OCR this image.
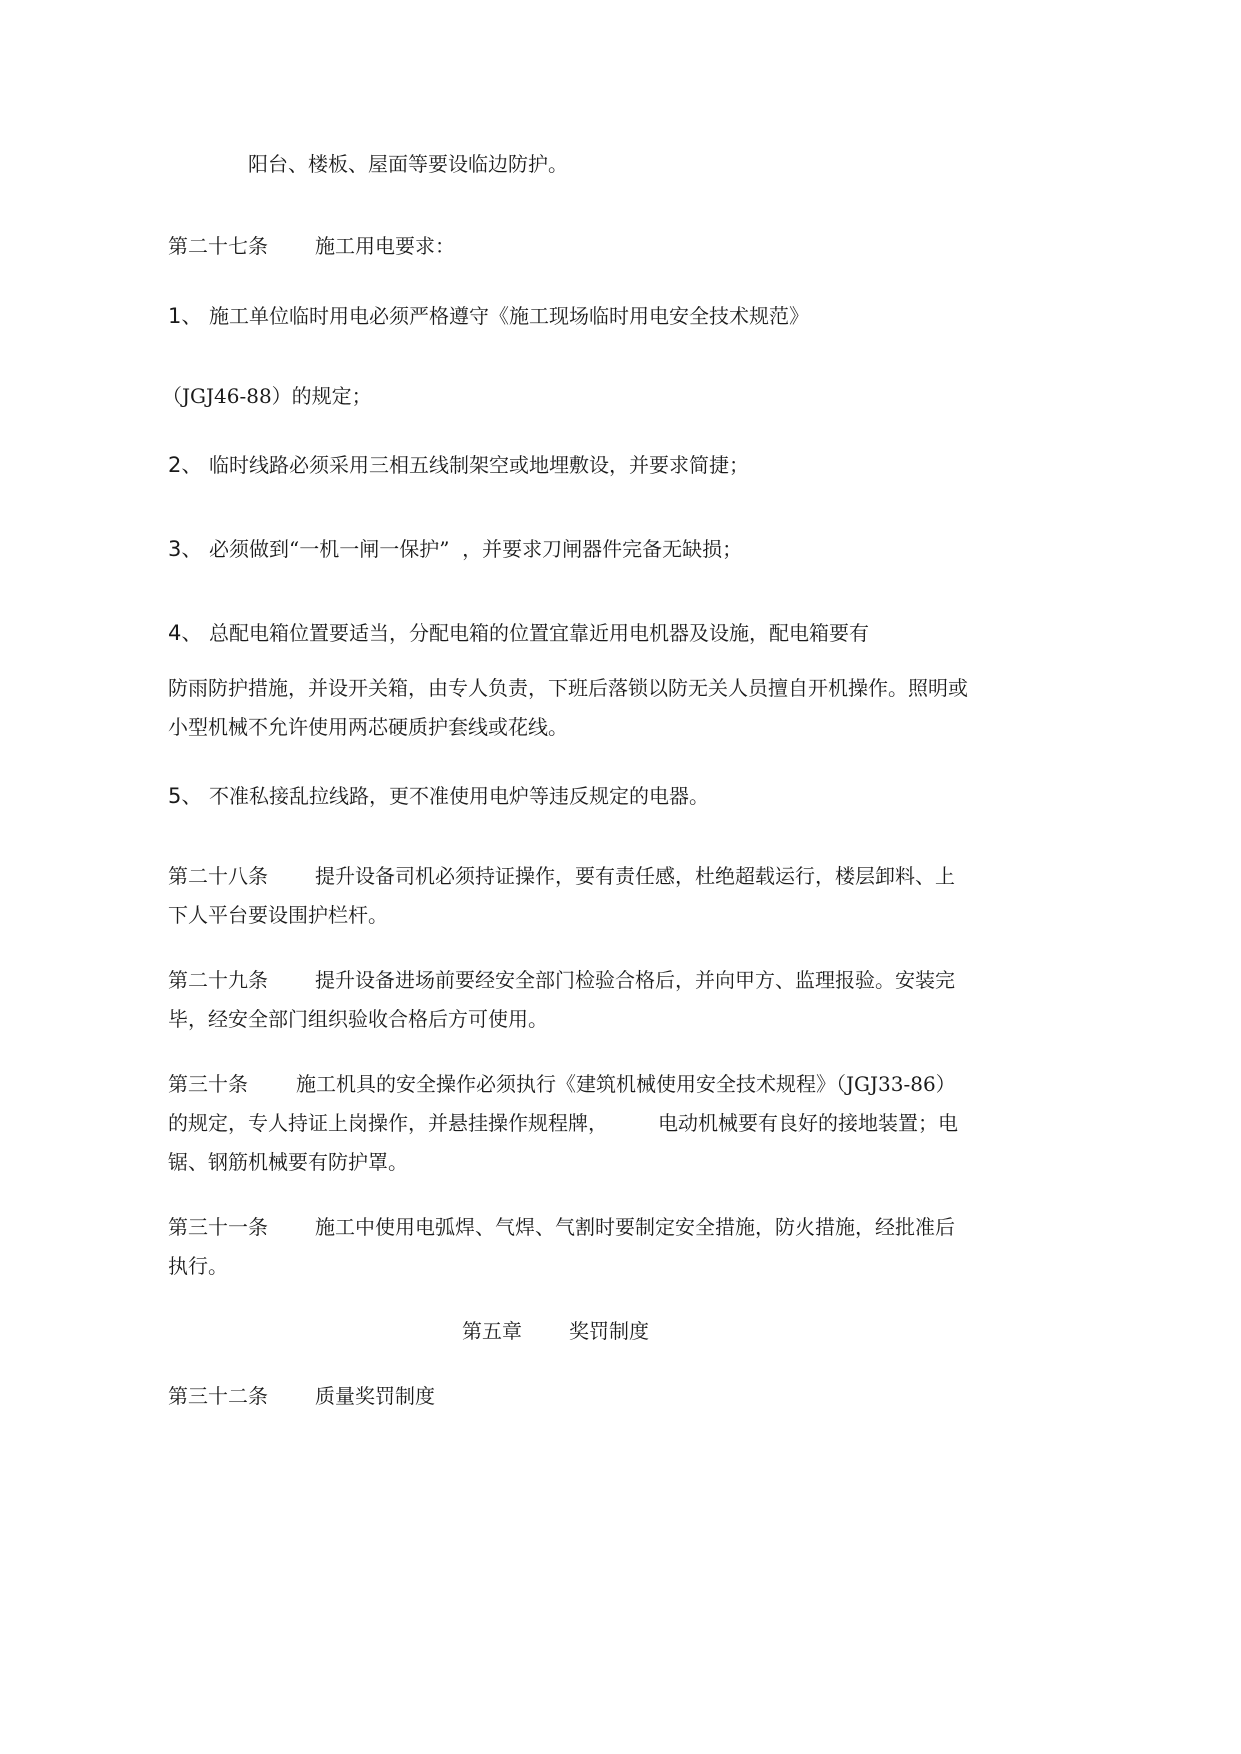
阳台、楼板、屋面等要设临边防护。
第二十七条 施工用电要求：
1、 施工单位临时用电必须严格遵守《施工现场临时用电安全技术规范》
（JGJ46-88）的规定；
2、 临时线路必须采用三相五线制架空或地埋敷设，并要求简捷；
3、 必须做到“一机一闸一保护”  ，并要求刀闸器件完备无缺损；
4、 总配电箱位置要适当，分配电箱的位置宜靠近用电机器及设施，配电箱要有
防雨防护措施，并设开关箱，由专人负责，下班后落锁以防无关人员擅自开机操作。照明或
小型机械不允许使用两芯硬质护套线或花线。
5、 不准私接乱拉线路，更不准使用电炉等违反规定的电器。
第二十八条 提升设备司机必须持证操作，要有责任感，杜绝超载运行，楼层卸料、上
下人平台要设围护栏杆。
第二十九条 提升设备进场前要经安全部门检验合格后，并向甲方、监理报验。安装完
毕，经安全部门组织验收合格后方可使用。
第三十条 施工机具的安全操作必须执行《建筑机械使用安全技术规程》（JGJ33-86）
的规定，专人持证上岗操作，并悬挂操作规程牌，	电动机械要有良好的接地装置；电
锯、钢筋机械要有防护罩。
第三十一条 施工中使用电弧焊、气焊、气割时要制定安全措施，防火措施，经批准后
执行。
第五章 奖罚制度
第三十二条 质量奖罚制度
